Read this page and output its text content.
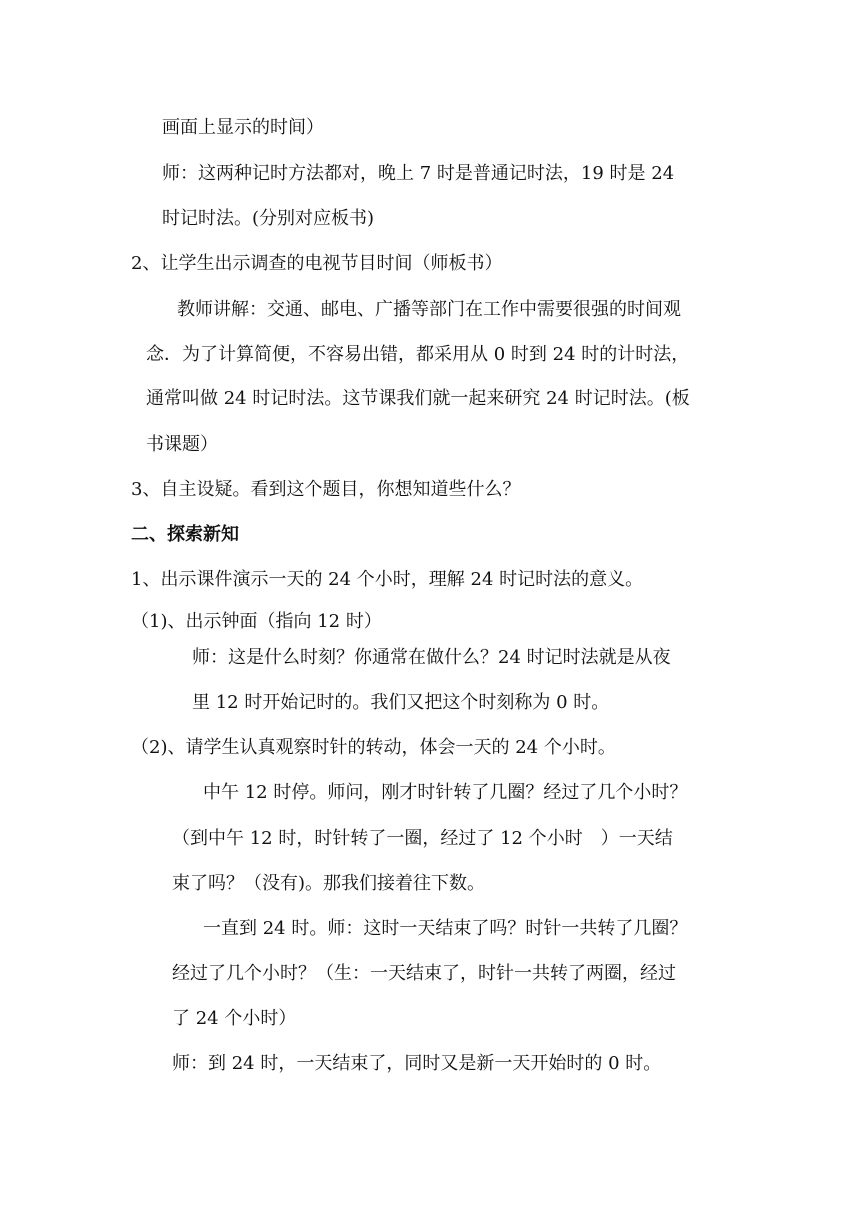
画面上显示的时间）
师：这两种记时方法都对，晚上 7 时是普通记时法，19 时是 24
时记时法。(分别对应板书)
2、让学生出示调查的电视节目时间（师板书）
教师讲解：交通、邮电、广播等部门在工作中需要很强的时间观
念．为了计算简便，不容易出错，都采用从 0 时到 24 时的计时法，
通常叫做 24 时记时法。这节课我们就一起来研究 24 时记时法。(板
书课题）
3、自主设疑。看到这个题目，你想知道些什么？
二、探索新知
1、出示课件演示一天的 24 个小时，理解 24 时记时法的意义。
（1)、出示钟面（指向 12 时）
师：这是什么时刻？你通常在做什么？24 时记时法就是从夜
里 12 时开始记时的。我们又把这个时刻称为 0 时。
（2)、请学生认真观察时针的转动，体会一天的 24 个小时。
中午 12 时停。师问，刚才时针转了几圈？经过了几个小时？
（到中午 12 时，时针转了一圈，经过了 12 个小时　）一天结
束了吗？（没有)。那我们接着往下数。
一直到 24 时。师：这时一天结束了吗？时针一共转了几圈？
经过了几个小时？（生：一天结束了，时针一共转了两圈，经过
了 24 个小时）
师：到 24 时，一天结束了，同时又是新一天开始时的 0 时。
